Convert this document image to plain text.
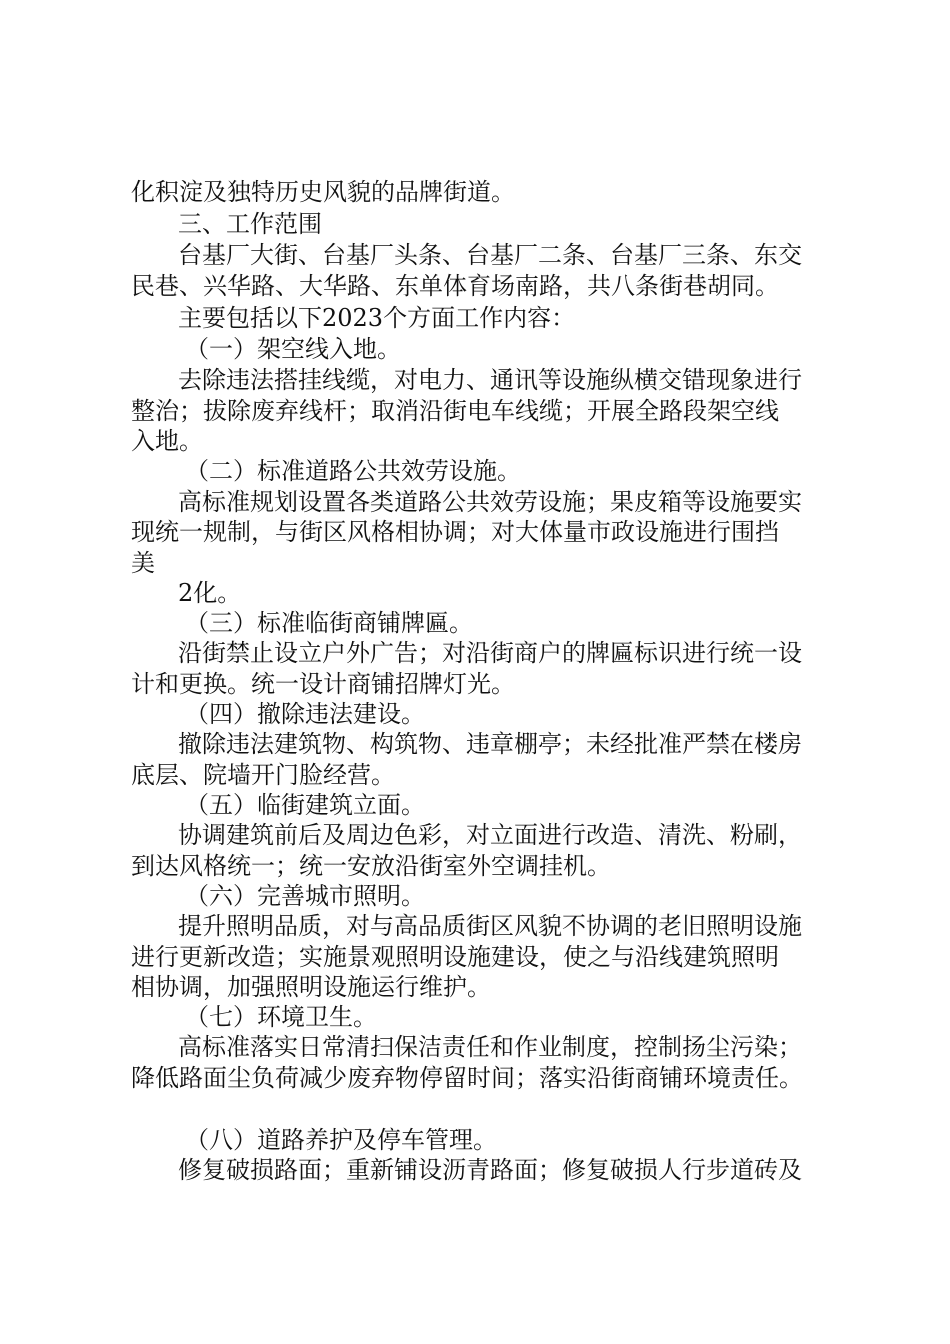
化积淀及独特历史风貌的品牌街道。
三、工作范围
台基厂大街、台基厂头条、台基厂二条、台基厂三条、东交
民巷、兴华路、大华路、东单体育场南路，共八条街巷胡同。
主要包括以下2023个方面工作内容：
（一）架空线入地。
去除违法搭挂线缆，对电力、通讯等设施纵横交错现象进行
整治；拔除废弃线杆；取消沿街电车线缆；开展全路段架空线
入地。
（二）标准道路公共效劳设施。
高标准规划设置各类道路公共效劳设施；果皮箱等设施要实
现统一规制，与街区风格相协调；对大体量市政设施进行围挡
美
2化。
（三）标准临街商铺牌匾。
沿街禁止设立户外广告；对沿街商户的牌匾标识进行统一设
计和更换。统一设计商铺招牌灯光。
（四）撤除违法建设。
撤除违法建筑物、构筑物、违章棚亭；未经批准严禁在楼房
底层、院墙开门脸经营。
（五）临街建筑立面。
协调建筑前后及周边色彩，对立面进行改造、清洗、粉刷，
到达风格统一；统一安放沿街室外空调挂机。
（六）完善城市照明。
提升照明品质，对与高品质街区风貌不协调的老旧照明设施
进行更新改造；实施景观照明设施建设，使之与沿线建筑照明
相协调，加强照明设施运行维护。
（七）环境卫生。
高标准落实日常清扫保洁责任和作业制度，控制扬尘污染；
降低路面尘负荷减少废弃物停留时间；落实沿街商铺环境责任。
（八）道路养护及停车管理。
修复破损路面；重新铺设沥青路面；修复破损人行步道砖及
